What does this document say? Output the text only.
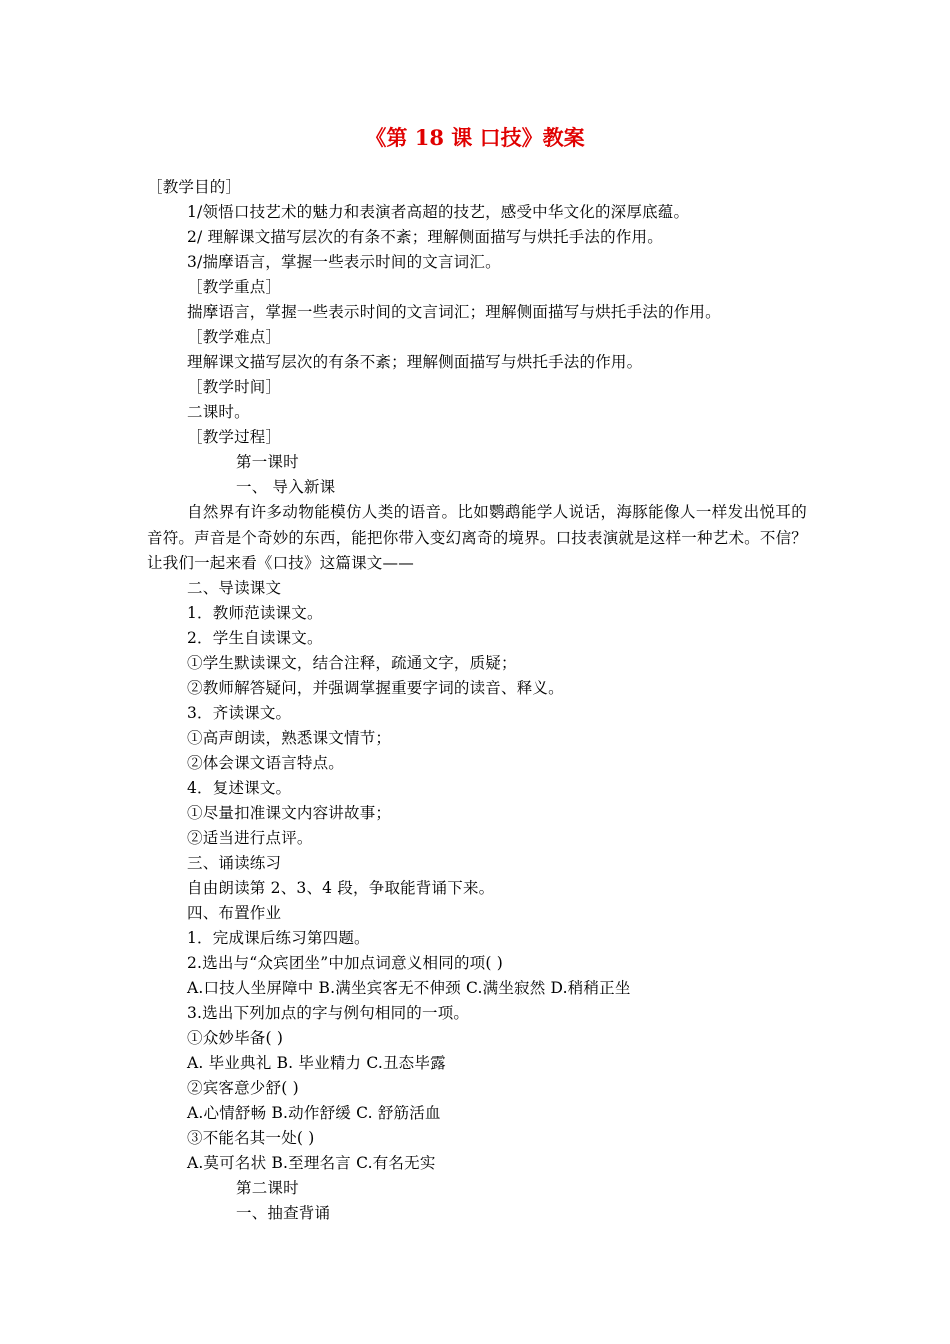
《第 18 课 口技》教案
［教学目的］
1/领悟口技艺术的魅力和表演者高超的技艺，感受中华文化的深厚底蕴。
2/ 理解课文描写层次的有条不紊；理解侧面描写与烘托手法的作用。
3/揣摩语言，掌握一些表示时间的文言词汇。
［教学重点］
揣摩语言，掌握一些表示时间的文言词汇；理解侧面描写与烘托手法的作用。
［教学难点］
理解课文描写层次的有条不紊；理解侧面描写与烘托手法的作用。
［教学时间］
二课时。
［教学过程］
第一课时
一、 导入新课
自然界有许多动物能模仿人类的语音。比如鹦鹉能学人说话，海豚能像人一样发出悦耳的音符。声音是个奇妙的东西，能把你带入变幻离奇的境界。口技表演就是这样一种艺术。不信？让我们一起来看《口技》这篇课文——
二、导读课文
1．教师范读课文。
2．学生自读课文。
①学生默读课文，结合注释，疏通文字，质疑；
②教师解答疑问，并强调掌握重要字词的读音、释义。
3．齐读课文。
①高声朗读，熟悉课文情节；
②体会课文语言特点。
4．复述课文。
①尽量扣准课文内容讲故事；
②适当进行点评。
三、诵读练习
自由朗读第 2、3、4 段，争取能背诵下来。
四、布置作业
1．完成课后练习第四题。
2.选出与“众宾团坐”中加点词意义相同的项( )
A.口技人坐屏障中 B.满坐宾客无不伸颈 C.满坐寂然 D.稍稍正坐
3.选出下列加点的字与例句相同的一项。
①众妙毕备( )
A. 毕业典礼 B. 毕业精力 C.丑态毕露
②宾客意少舒( )
A.心情舒畅 B.动作舒缓 C. 舒筋活血
③不能名其一处( )
A.莫可名状 B.至理名言 C.有名无实
第二课时
一、抽查背诵
